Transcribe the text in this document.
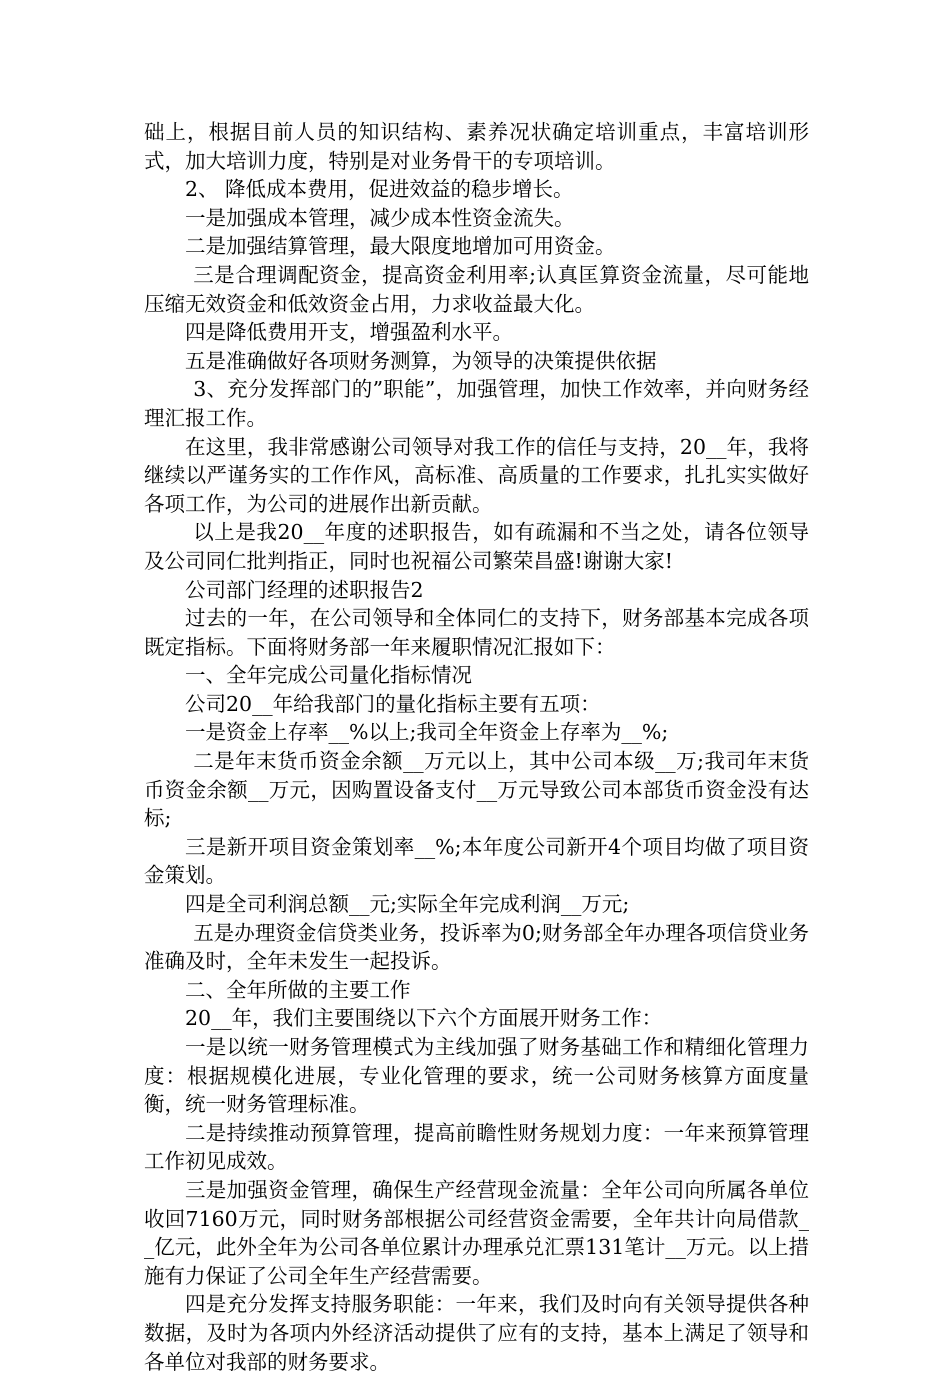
础上，根据目前人员的知识结构、素养况状确定培训重点，丰富培训形式，加大培训力度，特别是对业务骨干的专项培训。

2、 降低成本费用，促进效益的稳步增长。

一是加强成本管理，减少成本性资金流失。

二是加强结算管理，最大限度地增加可用资金。

三是合理调配资金，提高资金利用率;认真匡算资金流量，尽可能地压缩无效资金和低效资金占用，力求收益最大化。

四是降低费用开支，增强盈利水平。

五是准确做好各项财务测算，为领导的决策提供依据

3、充分发挥部门的”职能”，加强管理，加快工作效率，并向财务经理汇报工作。

在这里，我非常感谢公司领导对我工作的信任与支持，20__年，我将继续以严谨务实的工作作风，高标准、高质量的工作要求，扎扎实实做好各项工作，为公司的进展作出新贡献。

以上是我20__年度的述职报告，如有疏漏和不当之处，请各位领导及公司同仁批判指正，同时也祝福公司繁荣昌盛!谢谢大家!

公司部门经理的述职报告2

过去的一年，在公司领导和全体同仁的支持下，财务部基本完成各项既定指标。下面将财务部一年来履职情况汇报如下：

一、全年完成公司量化指标情况

公司20__年给我部门的量化指标主要有五项：

一是资金上存率__%以上;我司全年资金上存率为__%;

二是年末货币资金余额__万元以上，其中公司本级__万;我司年末货币资金余额__万元，因购置设备支付__万元导致公司本部货币资金没有达标;

三是新开项目资金策划率__%;本年度公司新开4个项目均做了项目资金策划。

四是全司利润总额__元;实际全年完成利润__万元;

五是办理资金信贷类业务，投诉率为0;财务部全年办理各项信贷业务准确及时，全年未发生一起投诉。

二、全年所做的主要工作

20__年，我们主要围绕以下六个方面展开财务工作：

一是以统一财务管理模式为主线加强了财务基础工作和精细化管理力度：根据规模化进展，专业化管理的要求，统一公司财务核算方面度量衡，统一财务管理标准。

二是持续推动预算管理，提高前瞻性财务规划力度：一年来预算管理工作初见成效。

三是加强资金管理，确保生产经营现金流量：全年公司向所属各单位收回7160万元，同时财务部根据公司经营资金需要，全年共计向局借款__亿元，此外全年为公司各单位累计办理承兑汇票131笔计__万元。以上措施有力保证了公司全年生产经营需要。

四是充分发挥支持服务职能：一年来，我们及时向有关领导提供各种数据，及时为各项内外经济活动提供了应有的支持，基本上满足了领导和各单位对我部的财务要求。
